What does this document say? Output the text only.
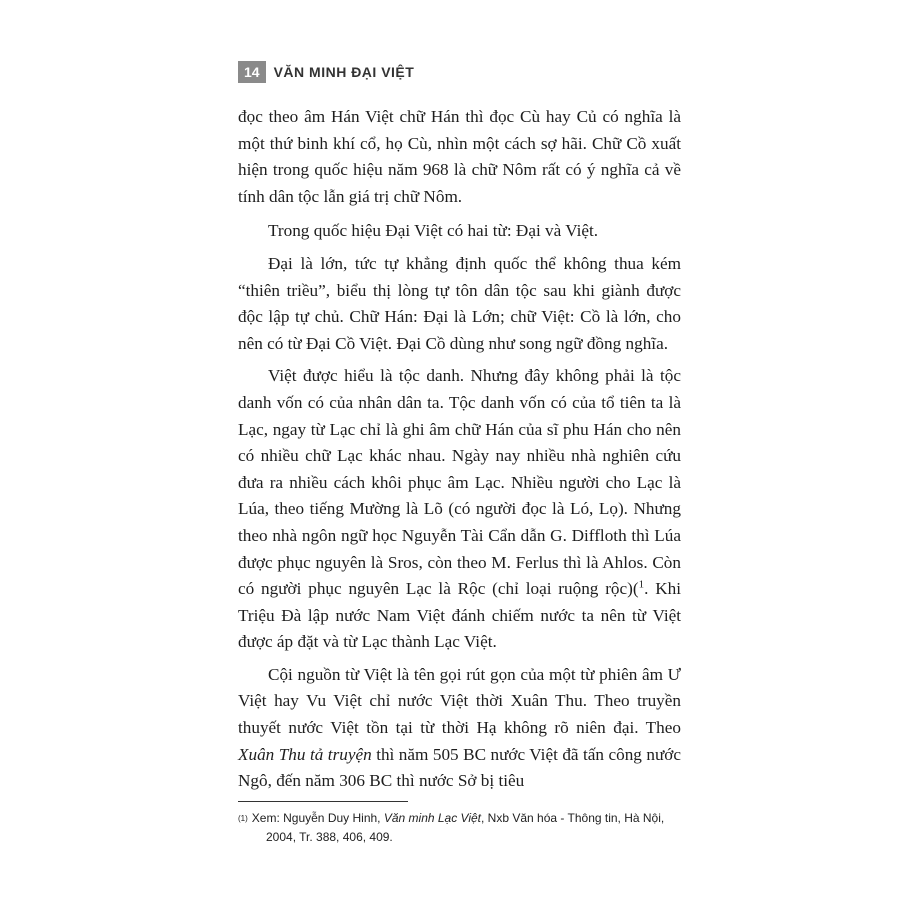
14	VĂN MINH ĐẠI VIỆT

đọc theo âm Hán Việt chữ Hán thì đọc Cù hay Củ có nghĩa là một thứ binh khí cổ, họ Cù, nhìn một cách sợ hãi. Chữ Cồ xuất hiện trong quốc hiệu năm 968 là chữ Nôm rất có ý nghĩa cả về tính dân tộc lẫn giá trị chữ Nôm.

Trong quốc hiệu Đại Việt có hai từ: Đại và Việt.

Đại là lớn, tức tự khẳng định quốc thể không thua kém “thiên triều”, biểu thị lòng tự tôn dân tộc sau khi giành được độc lập tự chủ. Chữ Hán: Đại là Lớn; chữ Việt: Cồ là lớn, cho nên có từ Đại Cồ Việt. Đại Cồ dùng như song ngữ đồng nghĩa.

Việt được hiểu là tộc danh. Nhưng đây không phải là tộc danh vốn có của nhân dân ta. Tộc danh vốn có của tổ tiên ta là Lạc, ngay từ Lạc chỉ là ghi âm chữ Hán của sĩ phu Hán cho nên có nhiều chữ Lạc khác nhau. Ngày nay nhiều nhà nghiên cứu đưa ra nhiều cách khôi phục âm Lạc. Nhiều người cho Lạc là Lúa, theo tiếng Mường là Lõ (có người đọc là Ló, Lọ). Nhưng theo nhà ngôn ngữ học Nguyễn Tài Cẩn dẫn G. Diffloth thì Lúa được phục nguyên là Sros, còn theo M. Ferlus thì là Ahlos. Còn có người phục nguyên Lạc là Rộc (chỉ loại ruộng rộc)($^1$. Khi Triệu Đà lập nước Nam Việt đánh chiếm nước ta nên từ Việt được áp đặt và từ Lạc thành Lạc Việt.

Cội nguồn từ Việt là tên gọi rút gọn của một từ phiên âm Ư Việt hay Vu Việt chỉ nước Việt thời Xuân Thu. Theo truyền thuyết nước Việt tồn tại từ thời Hạ không rõ niên đại. Theo Xuân Thu tả truyện thì năm 505 BC nước Việt đã tấn công nước Ngô, đến năm 306 BC thì nước Sở bị tiêu

$^{(1)}$ Xem: Nguyễn Duy Hinh, Văn minh Lạc Việt, Nxb Văn hóa - Thông tin, Hà Nội,
2004, Tr. 388, 406, 409.
